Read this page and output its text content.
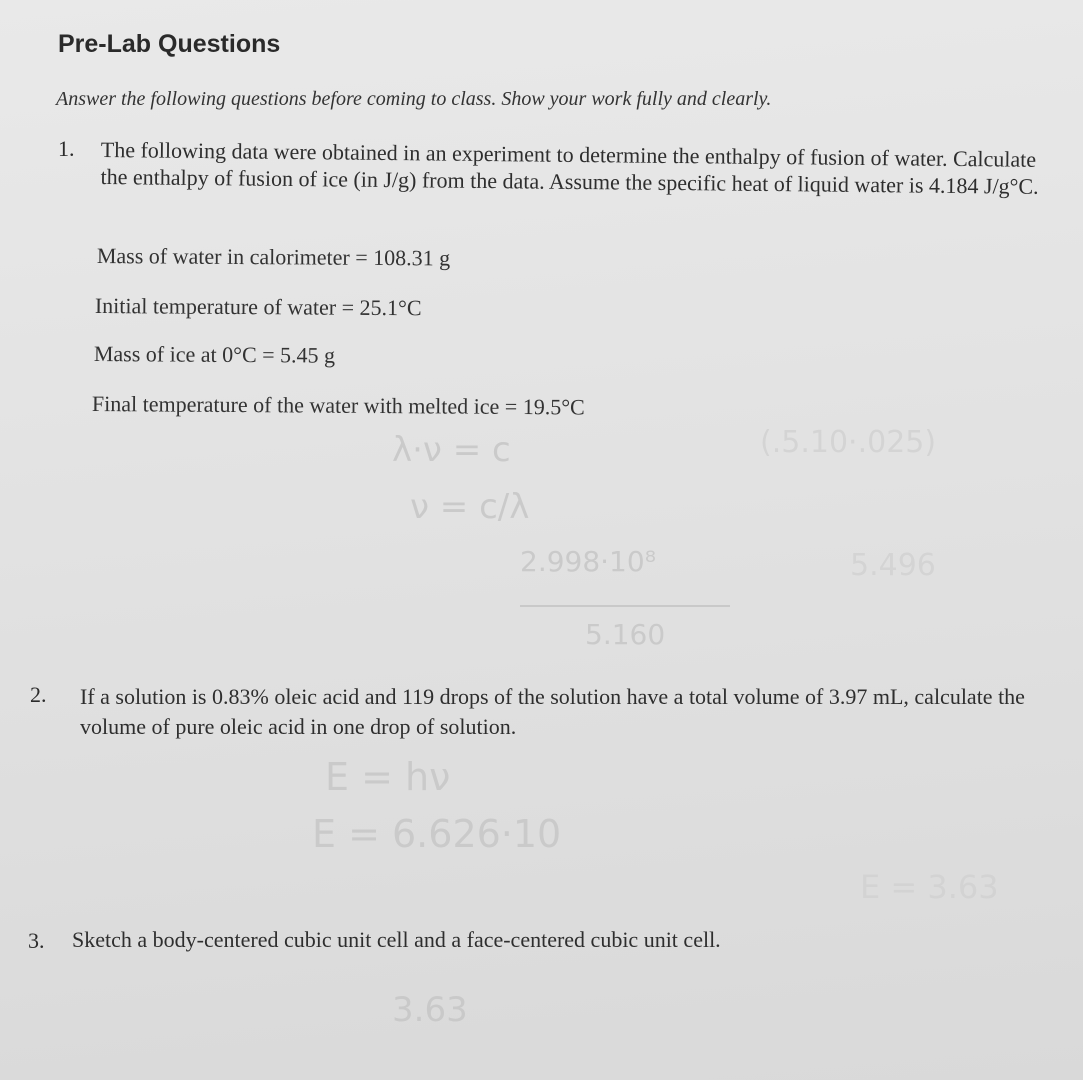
Pre-Lab Questions
Answer the following questions before coming to class. Show your work fully and clearly.
1. The following data were obtained in an experiment to determine the enthalpy of fusion of water. Calculate the enthalpy of fusion of ice (in J/g) from the data. Assume the specific heat of liquid water is 4.184 J/g°C.
Mass of water in calorimeter = 108.31 g
Initial temperature of water = 25.1°C
Mass of ice at 0°C = 5.45 g
Final temperature of the water with melted ice = 19.5°C
λ·ν = c
ν = c/λ
2.998·10⁸
5.160
(.5.10·.025)
5.496
2. If a solution is 0.83% oleic acid and 119 drops of the solution have a total volume of 3.97 mL, calculate the volume of pure oleic acid in one drop of solution.
E = hν
E = 6.626·10
E = 3.63
3. Sketch a body-centered cubic unit cell and a face-centered cubic unit cell.
3.63
